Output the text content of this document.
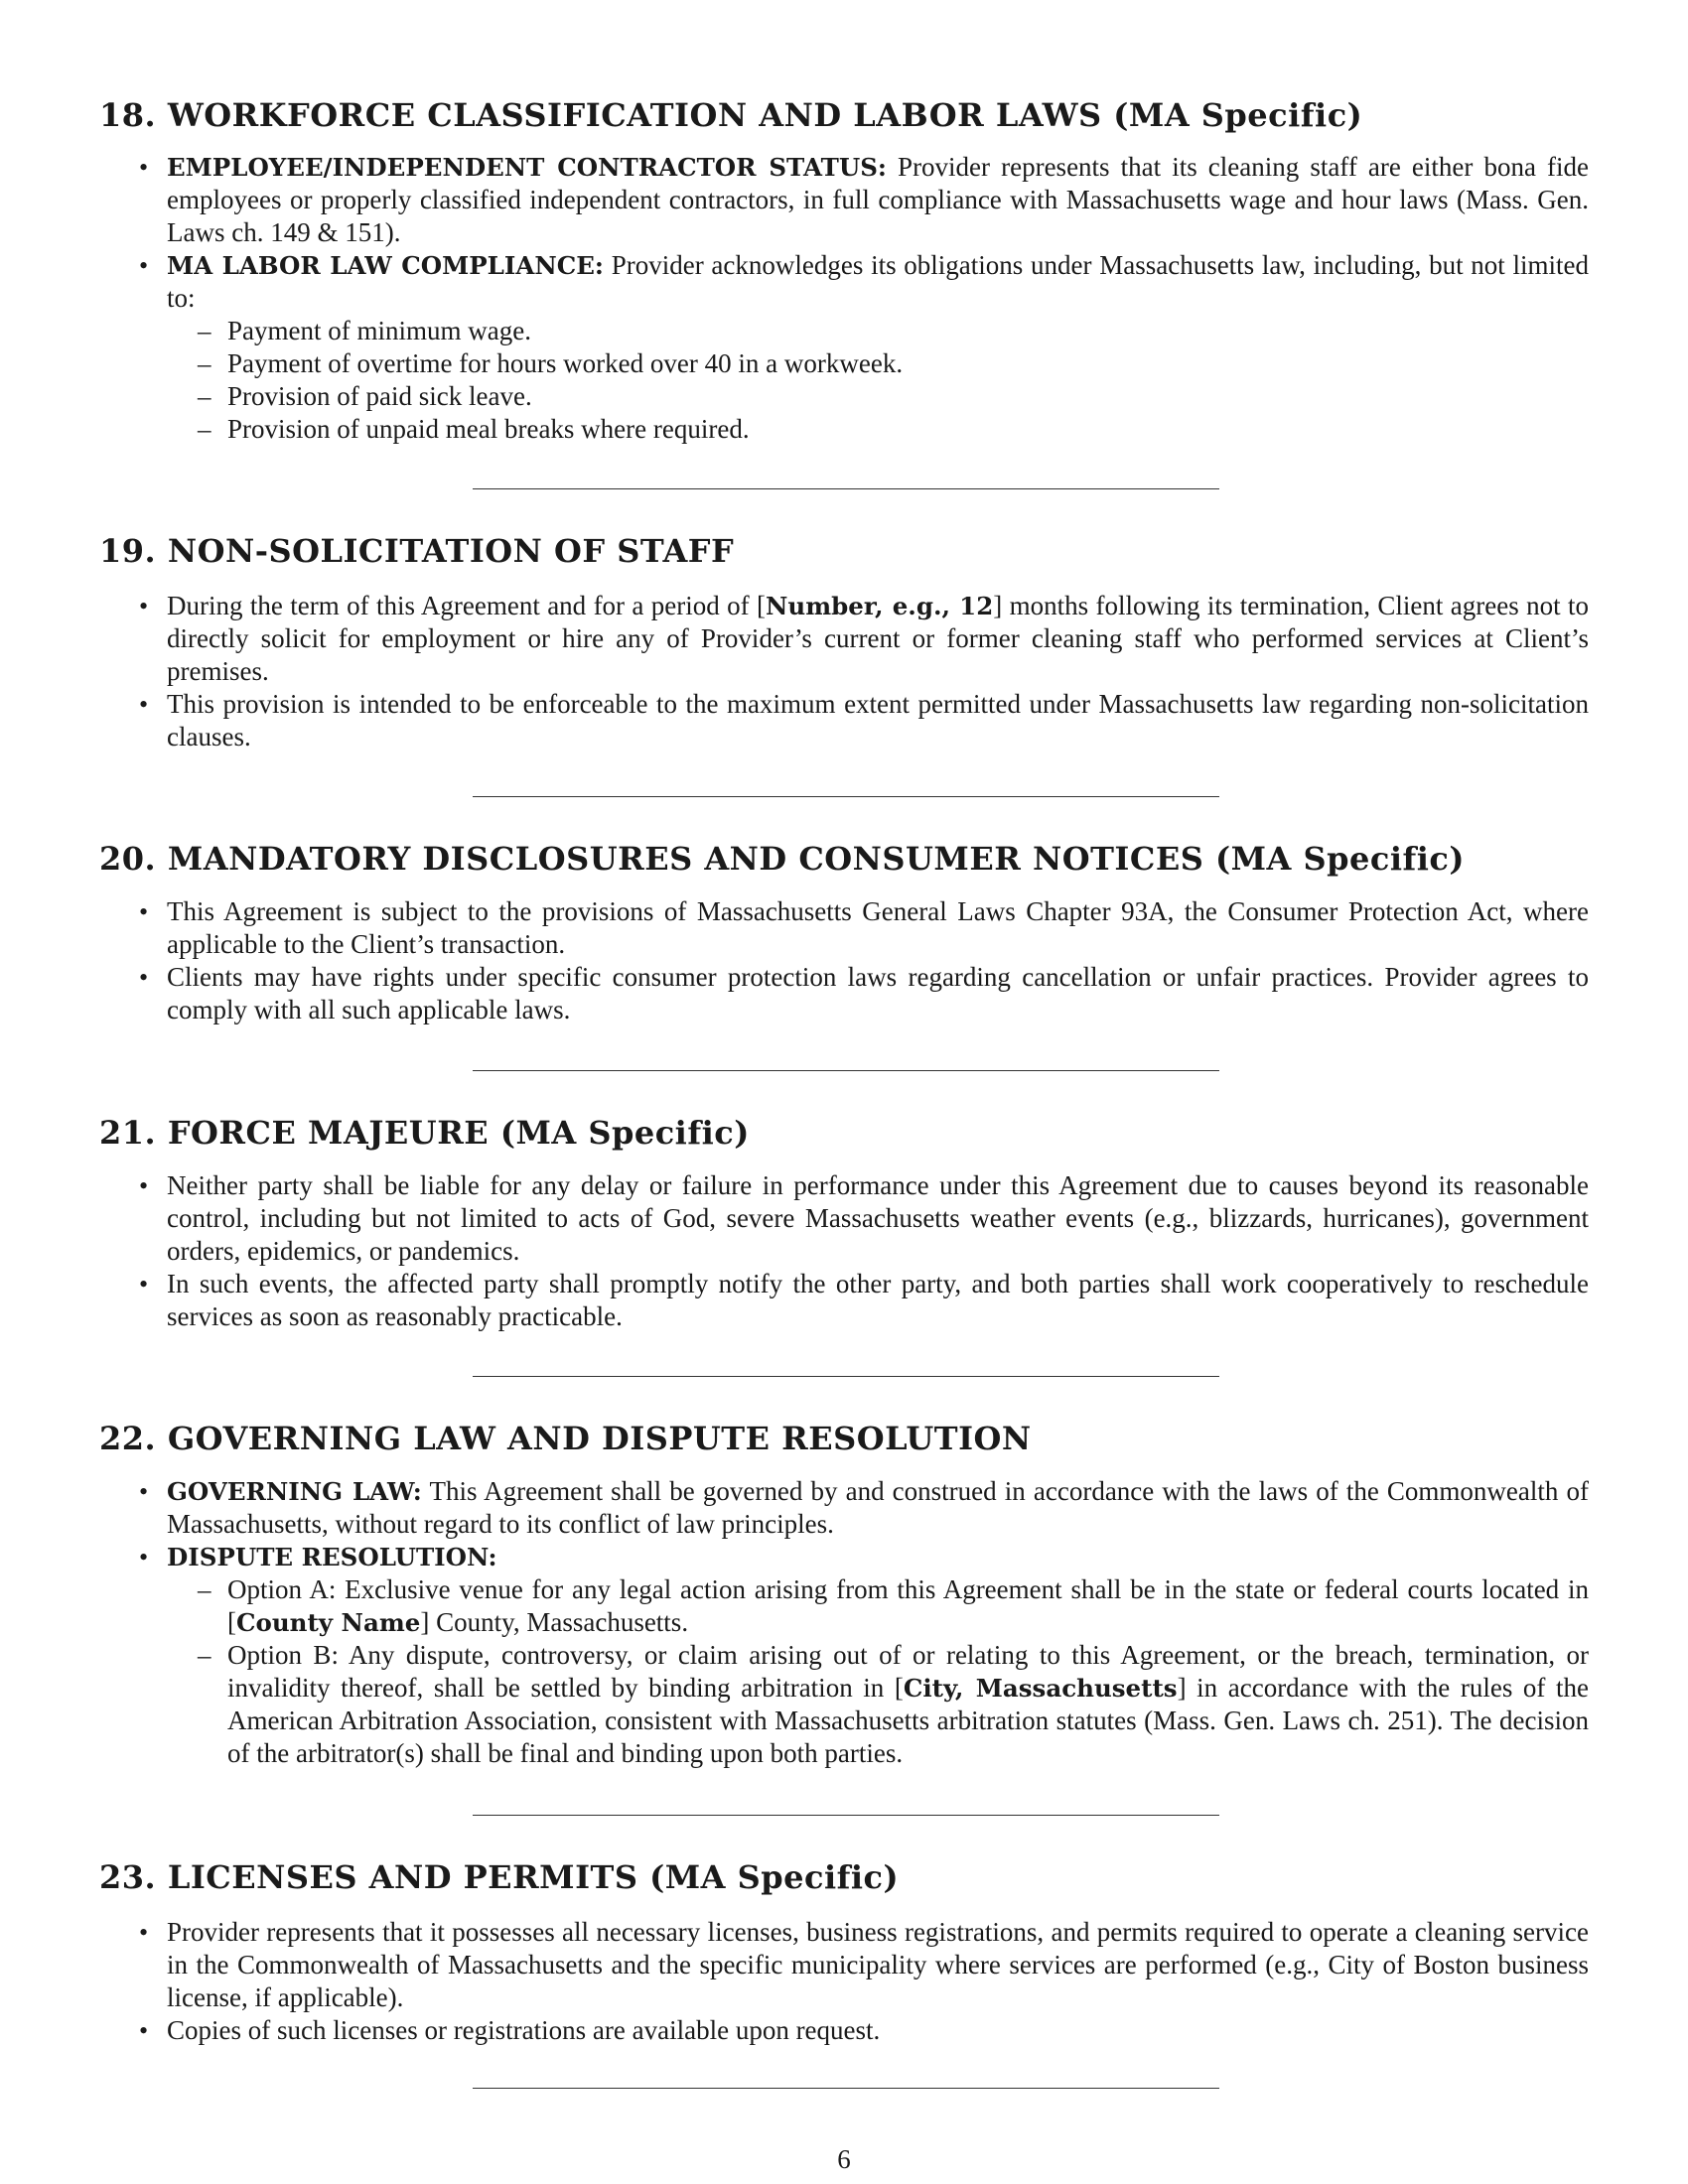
18. WORKFORCE CLASSIFICATION AND LABOR LAWS (MA Specific)
• EMPLOYEE/INDEPENDENT CONTRACTOR STATUS: Provider represents that its cleaning staff are either bona fide employees or properly classified independent contractors, in full compliance with Massachusetts wage and hour laws (Mass. Gen. Laws ch. 149 & 151).
• MA LABOR LAW COMPLIANCE: Provider acknowledges its obligations under Massachusetts law, including, but not limited to:
– Payment of minimum wage.
– Payment of overtime for hours worked over 40 in a workweek.
– Provision of paid sick leave.
– Provision of unpaid meal breaks where required.
19. NON-SOLICITATION OF STAFF
• During the term of this Agreement and for a period of [Number, e.g., 12] months following its termination, Client agrees not to directly solicit for employment or hire any of Provider’s current or former cleaning staff who performed services at Client’s premises.
• This provision is intended to be enforceable to the maximum extent permitted under Massachusetts law regarding non-solicitation clauses.
20. MANDATORY DISCLOSURES AND CONSUMER NOTICES (MA Specific)
• This Agreement is subject to the provisions of Massachusetts General Laws Chapter 93A, the Consumer Protection Act, where applicable to the Client’s transaction.
• Clients may have rights under specific consumer protection laws regarding cancellation or unfair practices. Provider agrees to comply with all such applicable laws.
21. FORCE MAJEURE (MA Specific)
• Neither party shall be liable for any delay or failure in performance under this Agreement due to causes beyond its reasonable control, including but not limited to acts of God, severe Massachusetts weather events (e.g., blizzards, hurricanes), government orders, epidemics, or pandemics.
• In such events, the affected party shall promptly notify the other party, and both parties shall work cooperatively to reschedule services as soon as reasonably practicable.
22. GOVERNING LAW AND DISPUTE RESOLUTION
• GOVERNING LAW: This Agreement shall be governed by and construed in accordance with the laws of the Commonwealth of Massachusetts, without regard to its conflict of law principles.
• DISPUTE RESOLUTION:
– Option A: Exclusive venue for any legal action arising from this Agreement shall be in the state or federal courts located in [County Name] County, Massachusetts.
– Option B: Any dispute, controversy, or claim arising out of or relating to this Agreement, or the breach, termination, or invalidity thereof, shall be settled by binding arbitration in [City, Massachusetts] in accordance with the rules of the American Arbitration Association, consistent with Massachusetts arbitration statutes (Mass. Gen. Laws ch. 251). The decision of the arbitrator(s) shall be final and binding upon both parties.
23. LICENSES AND PERMITS (MA Specific)
• Provider represents that it possesses all necessary licenses, business registrations, and permits required to operate a cleaning service in the Commonwealth of Massachusetts and the specific municipality where services are performed (e.g., City of Boston business license, if applicable).
• Copies of such licenses or registrations are available upon request.
6
